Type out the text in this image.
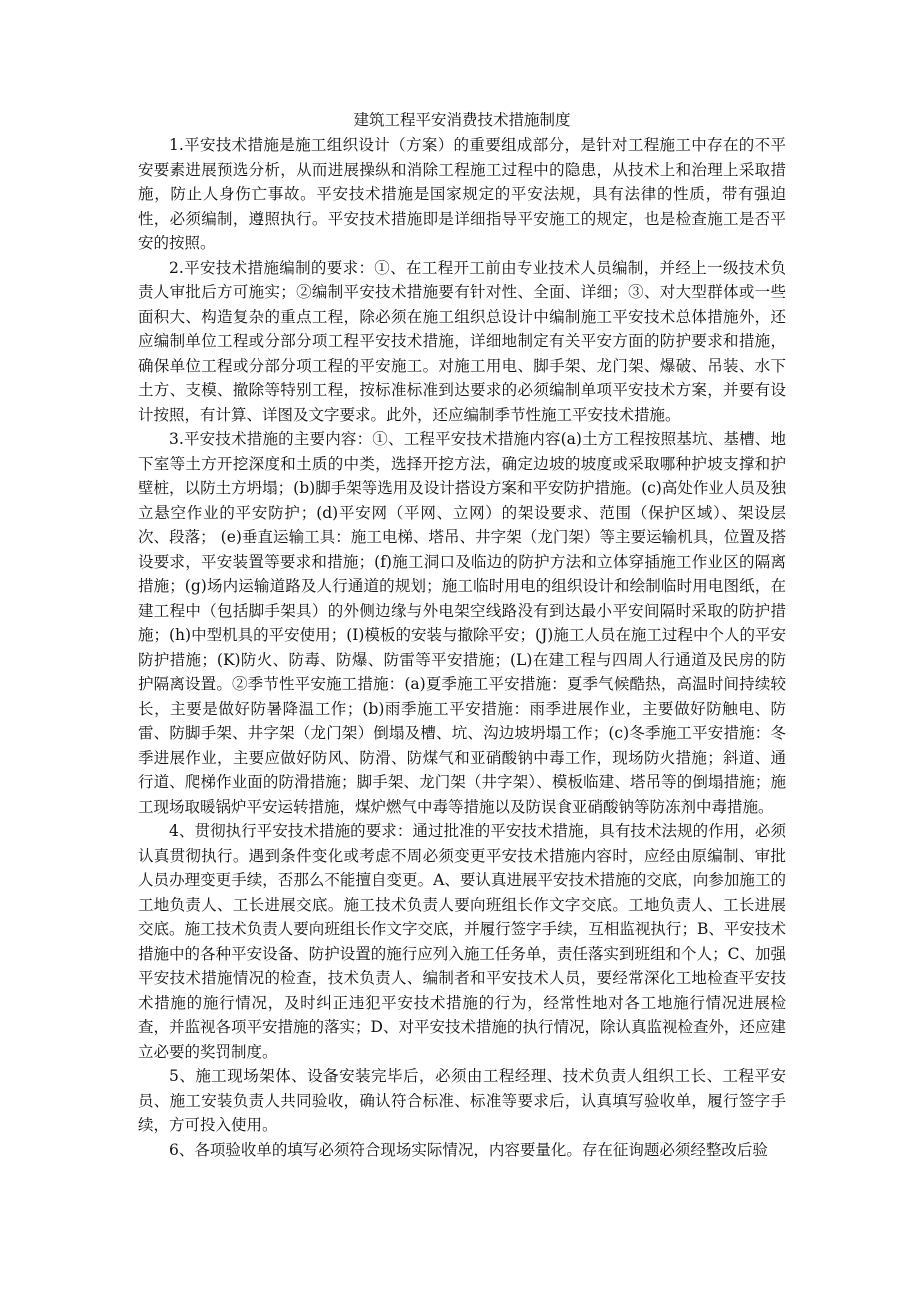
建筑工程平安消费技术措施制度

1.平安技术措施是施工组织设计（方案）的重要组成部分，是针对工程施工中存在的不平安要素进展预选分析，从而进展操纵和消除工程施工过程中的隐患，从技术上和治理上采取措施，防止人身伤亡事故。平安技术措施是国家规定的平安法规，具有法律的性质，带有强迫性，必须编制，遵照执行。平安技术措施即是详细指导平安施工的规定，也是检查施工是否平安的按照。

2.平安技术措施编制的要求：①、在工程开工前由专业技术人员编制，并经上一级技术负责人审批后方可施实；②编制平安技术措施要有针对性、全面、详细；③、对大型群体或一些面积大、构造复杂的重点工程，除必须在施工组织总设计中编制施工平安技术总体措施外，还应编制单位工程或分部分项工程平安技术措施，详细地制定有关平安方面的防护要求和措施，确保单位工程或分部分项工程的平安施工。对施工用电、脚手架、龙门架、爆破、吊装、水下土方、支模、撤除等特别工程，按标准标准到达要求的必须编制单项平安技术方案，并要有设计按照，有计算、详图及文字要求。此外，还应编制季节性施工平安技术措施。

3.平安技术措施的主要内容：①、工程平安技术措施内容(a)土方工程按照基坑、基槽、地下室等土方开挖深度和土质的中类，选择开挖方法，确定边坡的坡度或采取哪种护坡支撑和护壁桩，以防土方坍塌；(b)脚手架等选用及设计搭设方案和平安防护措施。(c)高处作业人员及独立悬空作业的平安防护；(d)平安网（平网、立网）的架设要求、范围（保护区域）、架设层次、段落； (e)垂直运输工具：施工电梯、塔吊、井字架（龙门架）等主要运输机具，位置及搭设要求，平安装置等要求和措施；(f)施工洞口及临边的防护方法和立体穿插施工作业区的隔离措施；(g)场内运输道路及人行通道的规划；施工临时用电的组织设计和绘制临时用电图纸，在建工程中（包括脚手架具）的外侧边缘与外电架空线路没有到达最小平安间隔时采取的防护措施；(h)中型机具的平安使用；(I)模板的安装与撤除平安；(J)施工人员在施工过程中个人的平安防护措施；(K)防火、防毒、防爆、防雷等平安措施；(L)在建工程与四周人行通道及民房的防护隔离设置。②季节性平安施工措施：(a)夏季施工平安措施：夏季气候酷热，高温时间持续较长，主要是做好防暑降温工作；(b)雨季施工平安措施：雨季进展作业，主要做好防触电、防雷、防脚手架、井字架（龙门架）倒塌及槽、坑、沟边坡坍塌工作；(c)冬季施工平安措施：冬季进展作业，主要应做好防风、防滑、防煤气和亚硝酸钠中毒工作，现场防火措施；斜道、通行道、爬梯作业面的防滑措施；脚手架、龙门架（井字架）、模板临建、塔吊等的倒塌措施；施工现场取暖锅炉平安运转措施，煤炉燃气中毒等措施以及防误食亚硝酸钠等防冻剂中毒措施。

4、贯彻执行平安技术措施的要求：通过批准的平安技术措施，具有技术法规的作用，必须认真贯彻执行。遇到条件变化或考虑不周必须变更平安技术措施内容时，应经由原编制、审批人员办理变更手续，否那么不能擅自变更。A、要认真进展平安技术措施的交底，向参加施工的工地负责人、工长进展交底。施工技术负责人要向班组长作文字交底。工地负责人、工长进展交底。施工技术负责人要向班组长作文字交底，并履行签字手续，互相监视执行；B、平安技术措施中的各种平安设备、防护设置的施行应列入施工任务单，责任落实到班组和个人；C、加强平安技术措施情况的检查，技术负责人、编制者和平安技术人员，要经常深化工地检查平安技术措施的施行情况，及时纠正违犯平安技术措施的行为，经常性地对各工地施行情况进展检查，并监视各项平安措施的落实；D、对平安技术措施的执行情况，除认真监视检查外，还应建立必要的奖罚制度。

5、施工现场架体、设备安装完毕后，必须由工程经理、技术负责人组织工长、工程平安员、施工安装负责人共同验收，确认符合标准、标准等要求后，认真填写验收单，履行签字手续，方可投入使用。

6、各项验收单的填写必须符合现场实际情况，内容要量化。存在征询题必须经整改后验
